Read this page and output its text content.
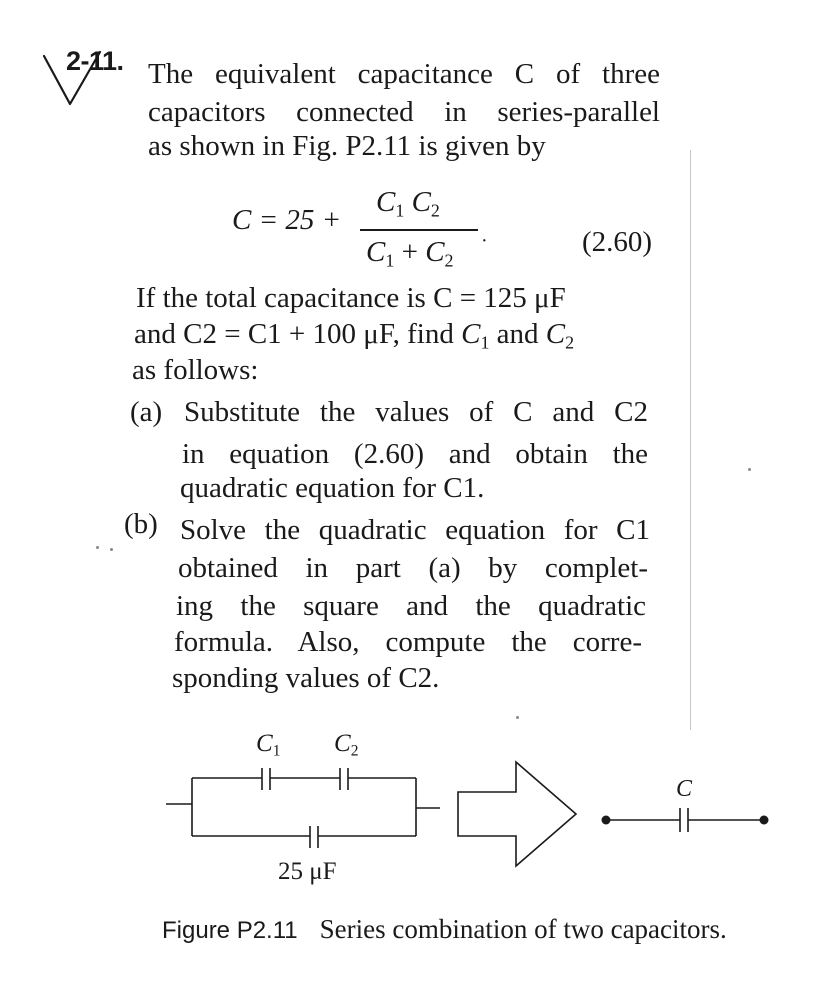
2-11. The equivalent capacitance C of three
capacitors connected in series-parallel
as shown in Fig. P2.11 is given by
C = 25 +
$C_1$ $C_2$
$C_1 + C_2$
·	(2.60)
If the total capacitance is C = 125 μF
and C2 = C1 + 100 μF, find $C_1$ and $C_2$
as follows:
(a) Substitute the values of C and C2
in equation (2.60) and obtain the
quadratic equation for C1.
(b) Solve the quadratic equation for C1
obtained in part (a) by complet-
ing the square and the quadratic
formula. Also, compute the corre-
sponding values of C2.
$C_1$ $C_2$
25 μF
C
Figure P2.11 Series combination of two capacitors.
